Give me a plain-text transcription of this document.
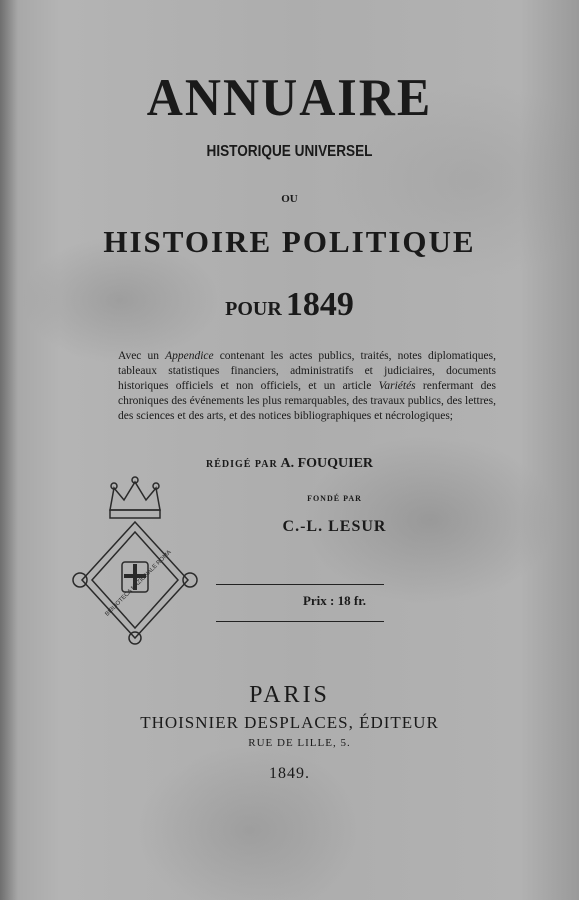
ANNUAIRE
HISTORIQUE UNIVERSEL
OU
HISTOIRE POLITIQUE
POUR 1849
Avec un Appendice contenant les actes publics, traités, notes diplomatiques, tableaux statistiques financiers, administratifs et judiciaires, documents historiques officiels et non officiels, et un article Variétés renfermant des chroniques des événements les plus remarquables, des travaux publics, des lettres, des sciences et des arts, et des notices bibliographiques et nécrologiques;
RÉDIGÉ PAR A. FOUQUIER
FONDÉ PAR
C.-L. LESUR
Prix : 18 fr.
BIBLIOTECA NAZIONALE ROMA
PARIS
THOISNIER DESPLACES, ÉDITEUR
RUE DE LILLE, 5.
1849.
